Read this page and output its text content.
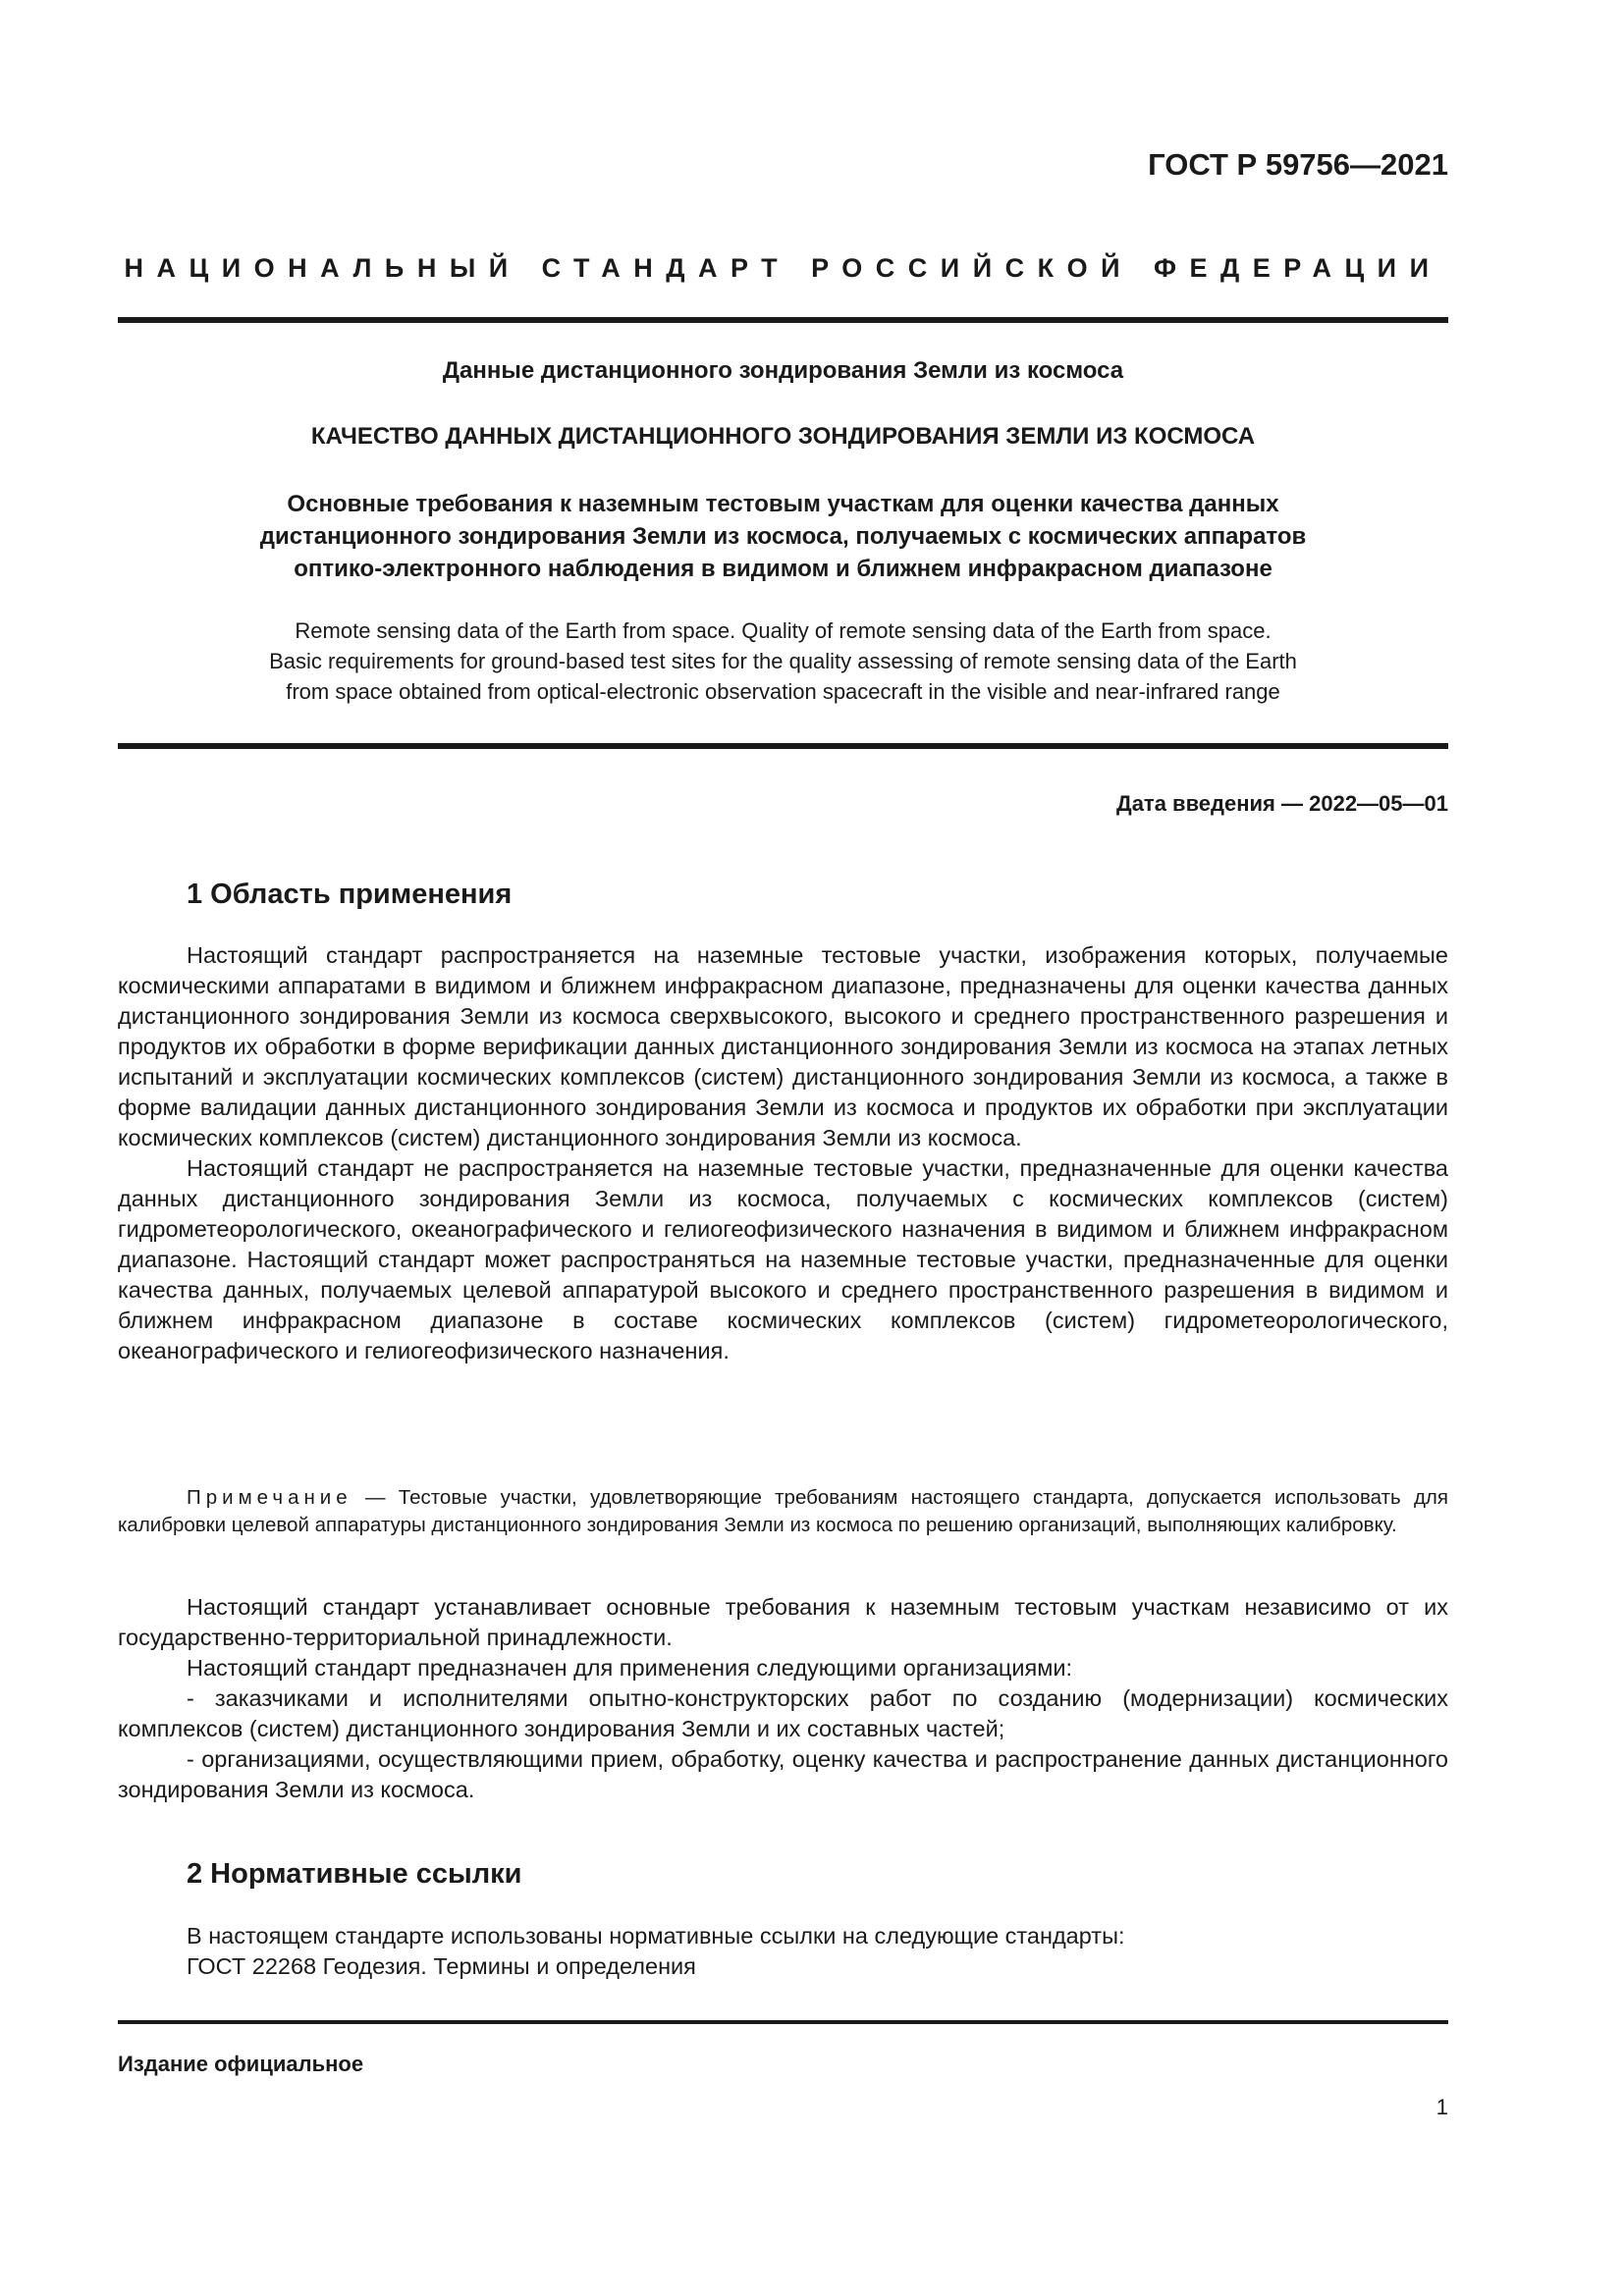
ГОСТ Р 59756—2021
НАЦИОНАЛЬНЫЙ СТАНДАРТ РОССИЙСКОЙ ФЕДЕРАЦИИ
Данные дистанционного зондирования Земли из космоса
КАЧЕСТВО ДАННЫХ ДИСТАНЦИОННОГО ЗОНДИРОВАНИЯ ЗЕМЛИ ИЗ КОСМОСА
Основные требования к наземным тестовым участкам для оценки качества данных
дистанционного зондирования Земли из космоса, получаемых с космических аппаратов
оптико-электронного наблюдения в видимом и ближнем инфракрасном диапазоне
Remote sensing data of the Earth from space. Quality of remote sensing data of the Earth from space.
Basic requirements for ground-based test sites for the quality assessing of remote sensing data of the Earth
from space obtained from optical-electronic observation spacecraft in the visible and near-infrared range
Дата введения — 2022—05—01
1 Область применения

Настоящий стандарт распространяется на наземные тестовые участки, изображения которых, получаемые космическими аппаратами в видимом и ближнем инфракрасном диапазоне, предназначены для оценки качества данных дистанционного зондирования Земли из космоса сверхвысокого, высокого и среднего пространственного разрешения и продуктов их обработки в форме верификации данных дистанционного зондирования Земли из космоса на этапах летных испытаний и эксплуатации космических комплексов (систем) дистанционного зондирования Земли из космоса, а также в форме валидации данных дистанционного зондирования Земли из космоса и продуктов их обработки при эксплуатации космических комплексов (систем) дистанционного зондирования Земли из космоса.

Настоящий стандарт не распространяется на наземные тестовые участки, предназначенные для оценки качества данных дистанционного зондирования Земли из космоса, получаемых с космических комплексов (систем) гидрометеорологического, океанографического и гелиогеофизического назначения в видимом и ближнем инфракрасном диапазоне. Настоящий стандарт может распространяться на наземные тестовые участки, предназначенные для оценки качества данных, получаемых целевой аппаратурой высокого и среднего пространственного разрешения в видимом и ближнем инфракрасном диапазоне в составе космических комплексов (систем) гидрометеорологического, океанографического и гелиогеофизического назначения.

Примечание — Тестовые участки, удовлетворяющие требованиям настоящего стандарта, допускается использовать для калибровки целевой аппаратуры дистанционного зондирования Земли из космоса по решению организаций, выполняющих калибровку.

Настоящий стандарт устанавливает основные требования к наземным тестовым участкам независимо от их государственно-территориальной принадлежности.

Настоящий стандарт предназначен для применения следующими организациями:

- заказчиками и исполнителями опытно-конструкторских работ по созданию (модернизации) космических комплексов (систем) дистанционного зондирования Земли и их составных частей;

- организациями, осуществляющими прием, обработку, оценку качества и распространение данных дистанционного зондирования Земли из космоса.

2 Нормативные ссылки
В настоящем стандарте использованы нормативные ссылки на следующие стандарты:
ГОСТ 22268 Геодезия. Термины и определения
Издание официальное
1
